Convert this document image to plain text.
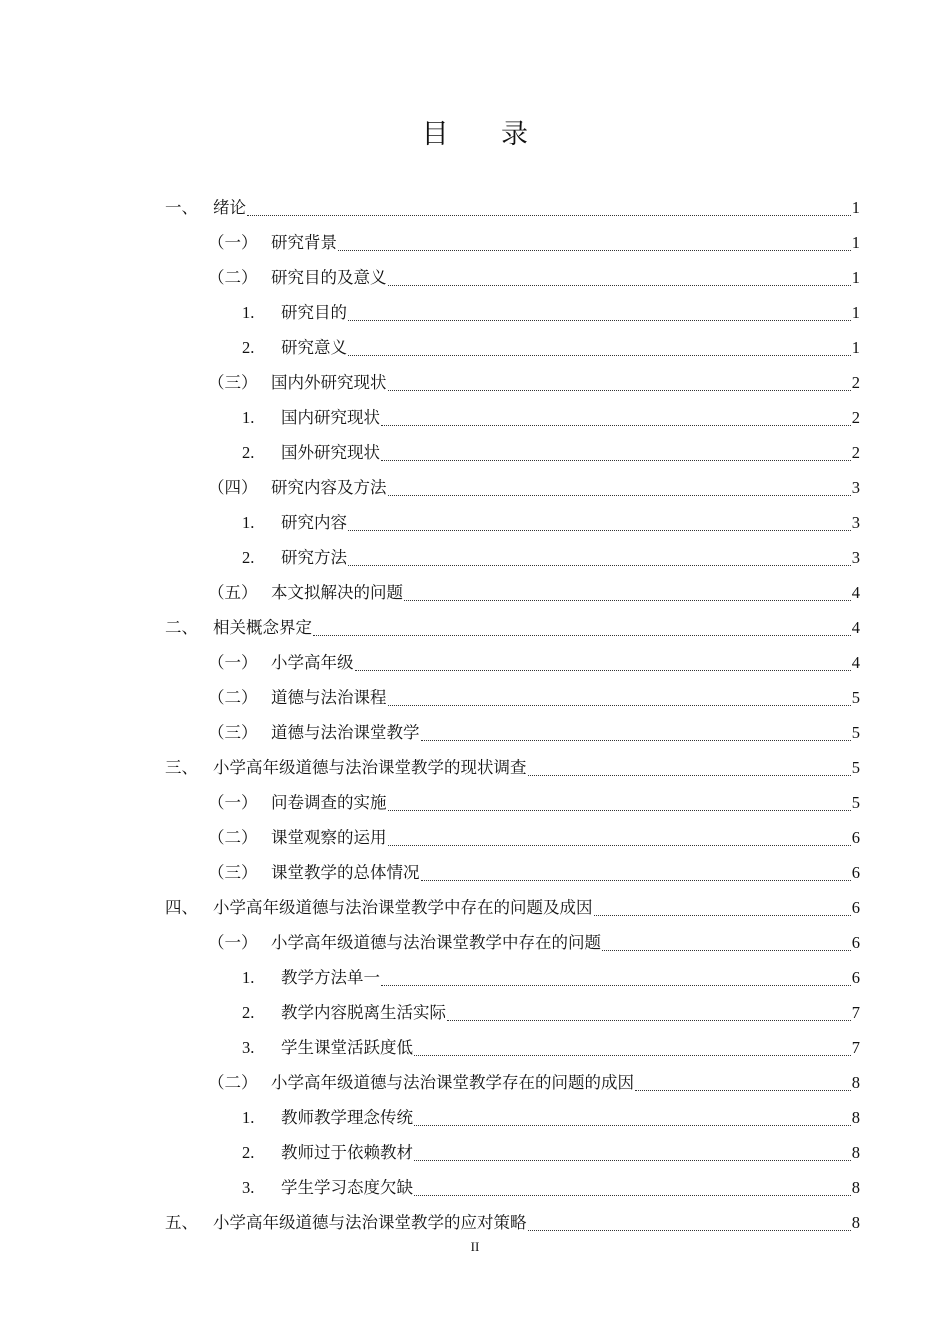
目 录
一、 绪论	1
（一） 研究背景	1
（二） 研究目的及意义	1
1.	研究目的	1
2.	研究意义	1
（三） 国内外研究现状	2
1.	国内研究现状	2
2.	国外研究现状	2
（四） 研究内容及方法	3
1.	研究内容	3
2.	研究方法	3
（五） 本文拟解决的问题	4
二、 相关概念界定	4
（一） 小学高年级	4
（二） 道德与法治课程	5
（三） 道德与法治课堂教学	5
三、 小学高年级道德与法治课堂教学的现状调查	5
（一） 问卷调查的实施	5
（二） 课堂观察的运用	6
（三） 课堂教学的总体情况	6
四、 小学高年级道德与法治课堂教学中存在的问题及成因	6
（一） 小学高年级道德与法治课堂教学中存在的问题	6
1.	教学方法单一	6
2.	教学内容脱离生活实际	7
3.	学生课堂活跃度低	7
（二） 小学高年级道德与法治课堂教学存在的问题的成因	8
1.	教师教学理念传统	8
2.	教师过于依赖教材	8
3.	学生学习态度欠缺	8
五、 小学高年级道德与法治课堂教学的应对策略	8
II
